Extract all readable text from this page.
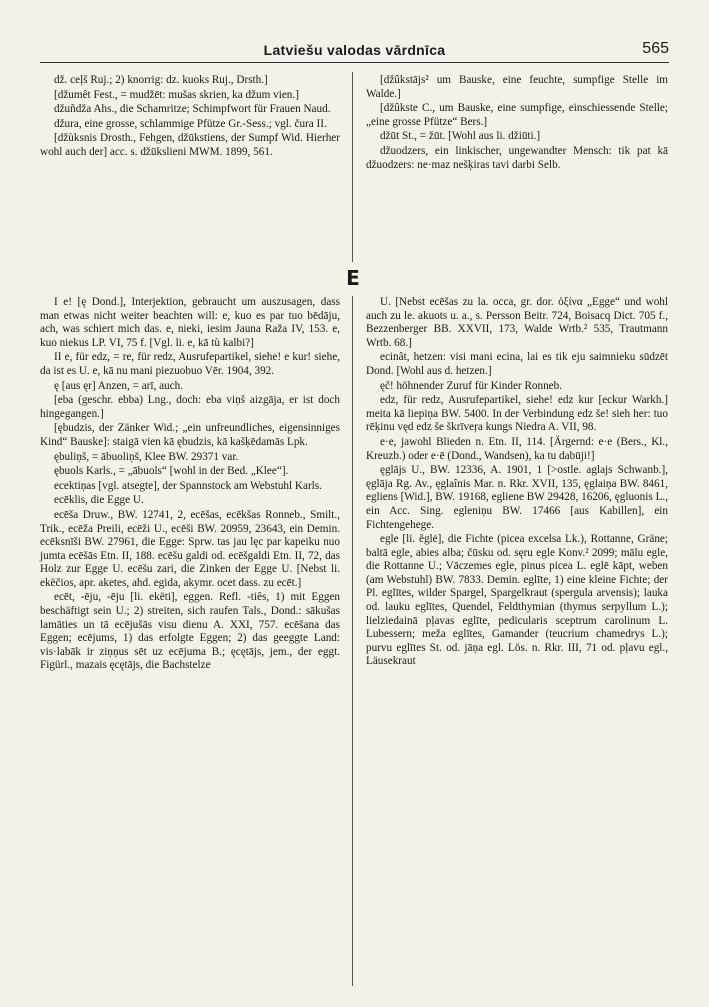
Latviešu valodas vārdnīca	565

dž. ceļš Ruj.; 2) knorrig: dz. kuoks Ruj., Drsth.]

[džumêt Fest., = mudžēt: mušas skrien, ka džum vien.]

džuñdža Ahs., die Schamritze; Schimpfwort für Frauen Naud.

džura, eine grosse, schlammige Pfütze Gr.-Sess.; vgl. čura II.

[džùksnis Drosth., Fehgen, džūkstiens, der Sumpf Wid. Hierher wohl auch der] acc. s. džūkslieni MWM. 1899, 561.

[džûkstājs² um Bauske, eine feuchte, sumpfige Stelle im Walde.]

[džûkste C., um Bauske, eine sumpfige, einschiessende Stelle; „eine grosse Pfütze“ Bers.]

džūt St., = žūt. [Wohl aus li. džiūti.]

džuodzers, ein linkischer, ungewandter Mensch: tik pat kā džuodzers: ne·maz nešķiras tavi darbi Selb.

E

I e! [ę Dond.], Interjektion, gebraucht um auszusagen, dass man etwas nicht weiter beachten will: e, kuo es par tuo bēdāju, ach, was schiert mich das. e, nieki, iesim Jauna Raža IV, 153. e, kuo niekus LP. VI, 75 f. [Vgl. li. e, kā tù kalbi?]

II e, für edz, = re, für redz, Ausrufepartikel, siehe! e kur! siehe, da ist es U. e, kā nu mani piezuobuo Vēr. 1904, 392.

ę [aus ęr] Anzen, = arī, auch.

[eba (geschr. ebba) Lng., doch: eba viņš aizgāja, er ist doch hingegangen.]

[ębudzis, der Zänker Wid.; „ein unfreundliches, eigensinniges Kind“ Bauske]: staigā vien kā ębudzis, kā kašķēdamās Lpk.

ębuliņš, = ābuoliņš, Klee BW. 29371 var.

ębuols Karls., = „ābuols“ [wohl in der Bed. „Klee“].

ecektiņas [vgl. atsegte], der Spannstock am Webstuhl Karls.

ecēklis, die Egge U.

ecēša Druw., BW. 12741, 2, ecēšas, ecēkšas Ronneb., Smilt., Trik., ecēža Preili, ecēži U., ecēši BW. 20959, 23643, ein Demin. ecēksnīši BW. 27961, die Egge: Sprw. tas jau lęc par kapeiku nuo jumta ecēšās Etn. II, 188. ecēšu galdi od. ecēšgaldi Etn. II, 72, das Holz zur Egge U. ecēšu zari, die Zinken der Egge U. [Nebst li. ekëčios, apr. aketes, ahd. egida, akymr. ocet dass. zu ecēt.]

ecēt, -ēju, -ēju [li. ekëti], eggen. Refl. -tiês, 1) mit Eggen beschäftigt sein U.; 2) streiten, sich raufen Tals., Dond.: sākušas lamāties un tā ecējušās visu dienu A. XXI, 757. ecēšana das Eggen; ecējums, 1) das erfolgte Eggen; 2) das geeggte Land: vis·labāk ir ziņņus sēt uz ecējuma B.; ęcętājs, jem., der eggt. Figürl., mazais ęcętājs, die Bachstelze

U. [Nebst ecēšas zu la. occa, gr. dor. ὀξίνα „Egge“ und wohl auch zu le. akuots u. a., s. Persson Beitr. 724, Boisacq Dict. 705 f., Bezzenberger BB. XXVII, 173, Walde Wrtb.² 535, Trautmann Wrtb. 68.]

ecinât, hetzen: visi mani ecina, lai es tik eju saimnieku sūdzēt Dond. [Wohl aus d. hetzen.]

ęč! höhnender Zuruf für Kinder Ronneb.

edz, für redz, Ausrufepartikel, siehe! edz kur [eckur Warkh.] meita kā liepiņa BW. 5400. In der Verbindung edz še! sieh her: tuo rēķinu vęd edz še škrīveŗa kungs Niedra A. VII, 98.

e·e, jawohl Blieden n. Etn. II, 114. [Ärgernd: e·e (Bers., Kl., Kreuzb.) oder e·ē (Dond., Wandsen), ka tu dabūji!]

ęglājs U., BW. 12336, A. 1901, 1 [>ostle. aglajs Schwanb.], ęglāja Rg. Av., ęglaînis Mar. n. Rkr. XVII, 135, ęglaiņa BW. 8461, egliens [Wid.], BW. 19168, egliene BW 29428, 16206, ęgluonis L., ein Acc. Sing. egleniņu BW. 17466 [aus Kabillen], ein Fichtengehege.

egle [li. ẽglė], die Fichte (picea excelsa Lk.), Rottanne, Gräne; baltā egle, abies alba; čūsku od. sęru egle Konv.² 2099; mālu egle, die Rottanne U.; Vāczemes egle, pinus picea L. eglē kāpt, weben (am Webstuhl) BW. 7833. Demin. eglīte, 1) eine kleine Fichte; der Pl. eglītes, wilder Spargel, Spargelkraut (spergula arvensis); lauka od. lauku eglītes, Quendel, Feldthymian (thymus serpyllum L.); lielziedainā pļavas eglīte, pedicularis sceptrum carolinum L. Lubessern; meža eglītes, Gamander (teucrium chamedrys L.); purvu eglītes St. od. jāņa egl. Lös. n. Rkr. III, 71 od. pļavu egl., Läusekraut
